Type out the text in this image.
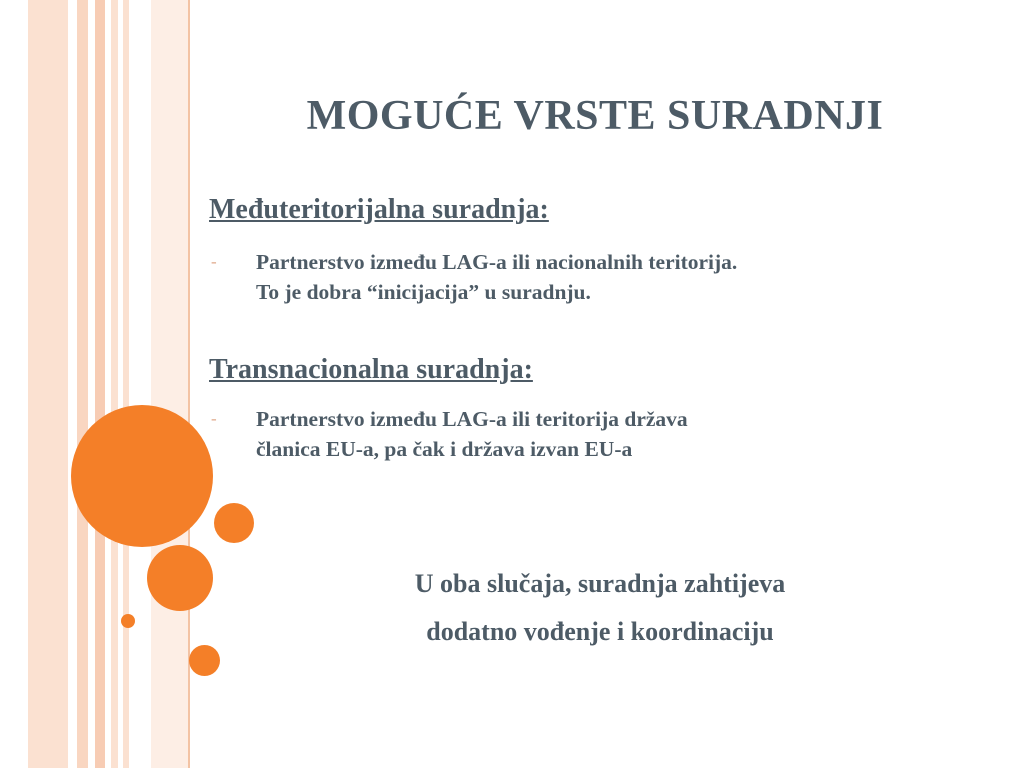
MOGUĆE VRSTE SURADNJI
Međuteritorijalna suradnja:
-	Partnerstvo između LAG-a ili nacionalnih teritorija.
To je dobra “inicijacija” u suradnju.
Transnacionalna suradnja:
-	Partnerstvo između LAG-a ili teritorija država
članica EU-a, pa čak i država izvan EU-a
U oba slučaja, suradnja zahtijeva
dodatno vođenje i koordinaciju
